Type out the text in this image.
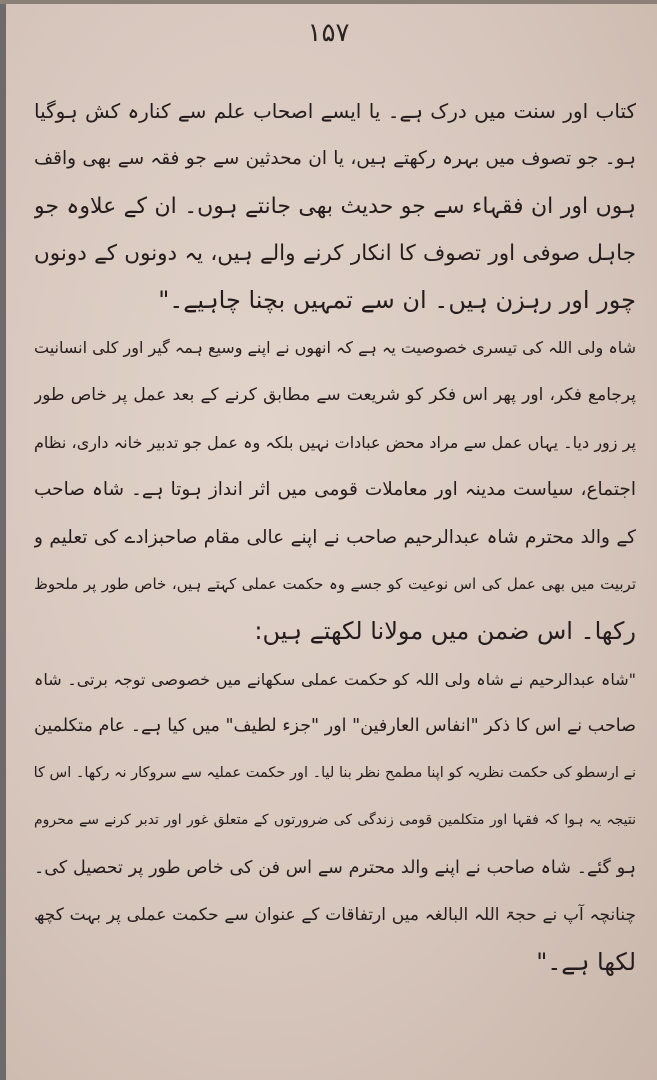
۱۵۷
کتاب اور سنت میں درک ہے۔ یا ایسے اصحاب علم سے کنارہ کش ہوگیا
ہو۔ جو تصوف میں بہرہ رکھتے ہیں، یا ان محدثین سے جو فقہ سے بھی واقف
ہوں اور ان فقہاء سے جو حدیث بھی جانتے ہوں۔ ان کے علاوہ جو
جاہل صوفی اور تصوف کا انکار کرنے والے ہیں، یہ دونوں کے دونوں
چور اور رہزن ہیں۔ ان سے تمہیں بچنا چاہیے۔"
شاہ ولی اللہ کی تیسری خصوصیت یہ ہے کہ انھوں نے اپنے وسیع ہمہ گیر اور کلی انسانیت
پرجامع فکر، اور پھر اس فکر کو شریعت سے مطابق کرنے کے بعد عمل پر خاص طور
پر زور دیا۔ یہاں عمل سے مراد محض عبادات نہیں بلکہ وہ عمل جو تدبیر خانہ داری، نظام
اجتماع، سیاست مدینہ اور معاملات قومی میں اثر انداز ہوتا ہے۔ شاہ صاحب
کے والد محترم شاہ عبدالرحیم صاحب نے اپنے عالی مقام صاحبزادے کی تعلیم و
تربیت میں بھی عمل کی اس نوعیت کو جسے وہ حکمت عملی کہتے ہیں، خاص طور پر ملحوظ
رکھا۔ اس ضمن میں مولانا لکھتے ہیں:
"شاہ عبدالرحیم نے شاہ ولی اللہ کو حکمت عملی سکھانے میں خصوصی توجہ برتی۔ شاہ
صاحب نے اس کا ذکر "انفاس العارفین" اور "جزء لطیف" میں کیا ہے۔ عام متکلمین
نے ارسطو کی حکمت نظریہ کو اپنا مطمح نظر بنا لیا۔ اور حکمت عملیہ سے سروکار نہ رکھا۔ اس کا
نتیجہ یہ ہوا کہ فقہا اور متکلمین قومی زندگی کی ضرورتوں کے متعلق غور اور تدبر کرنے سے محروم
ہو گئے۔ شاہ صاحب نے اپنے والد محترم سے اس فن کی خاص طور پر تحصیل کی۔
چنانچہ آپ نے حجۃ اللہ البالغہ میں ارتفاقات کے عنوان سے حکمت عملی پر بہت کچھ
لکھا ہے۔"
